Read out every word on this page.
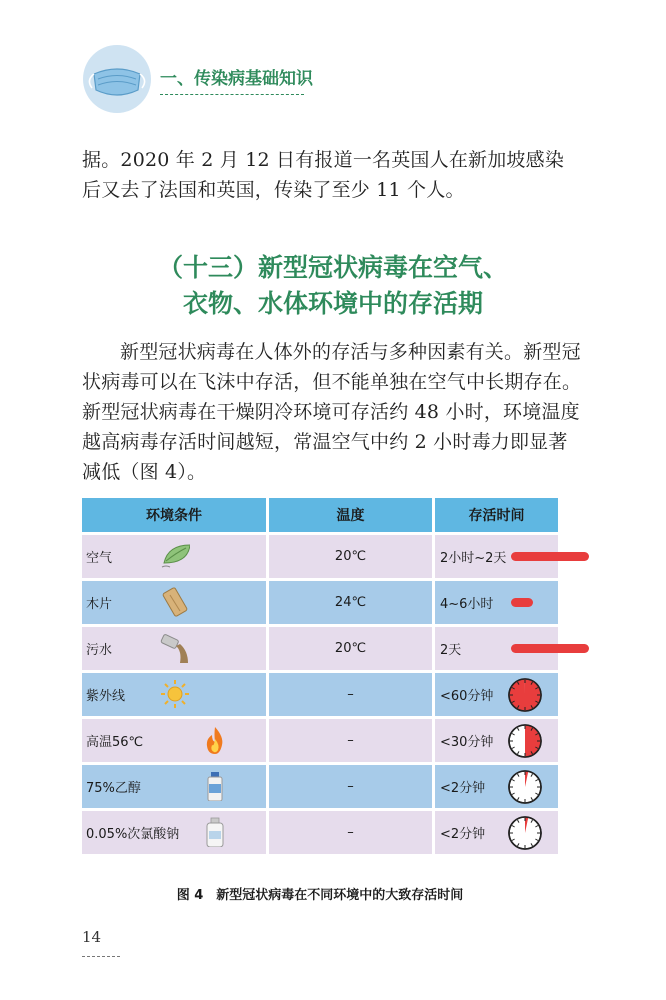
一、传染病基础知识

据。2020 年 2 月 12 日有报道一名英国人在新加坡感染后又去了法国和英国，传染了至少 11 个人。

（十三）新型冠状病毒在空气、
衣物、水体环境中的存活期

新型冠状病毒在人体外的存活与多种因素有关。新型冠状病毒可以在飞沫中存活，但不能单独在空气中长期存在。新型冠状病毒在干燥阴冷环境可存活约 48 小时，环境温度越高病毒存活时间越短，常温空气中约 2 小时毒力即显著减低（图 4）。

环境条件	温度	存活时间
空气	20℃	2小时~2天
木片	24℃	4~6小时
污水	20℃	2天
紫外线	–	<60分钟
高温56℃	–	<30分钟
75%乙醇	–	<2分钟
0.05%次氯酸钠	–	<2分钟
图 4　新型冠状病毒在不同环境中的大致存活时间
14
